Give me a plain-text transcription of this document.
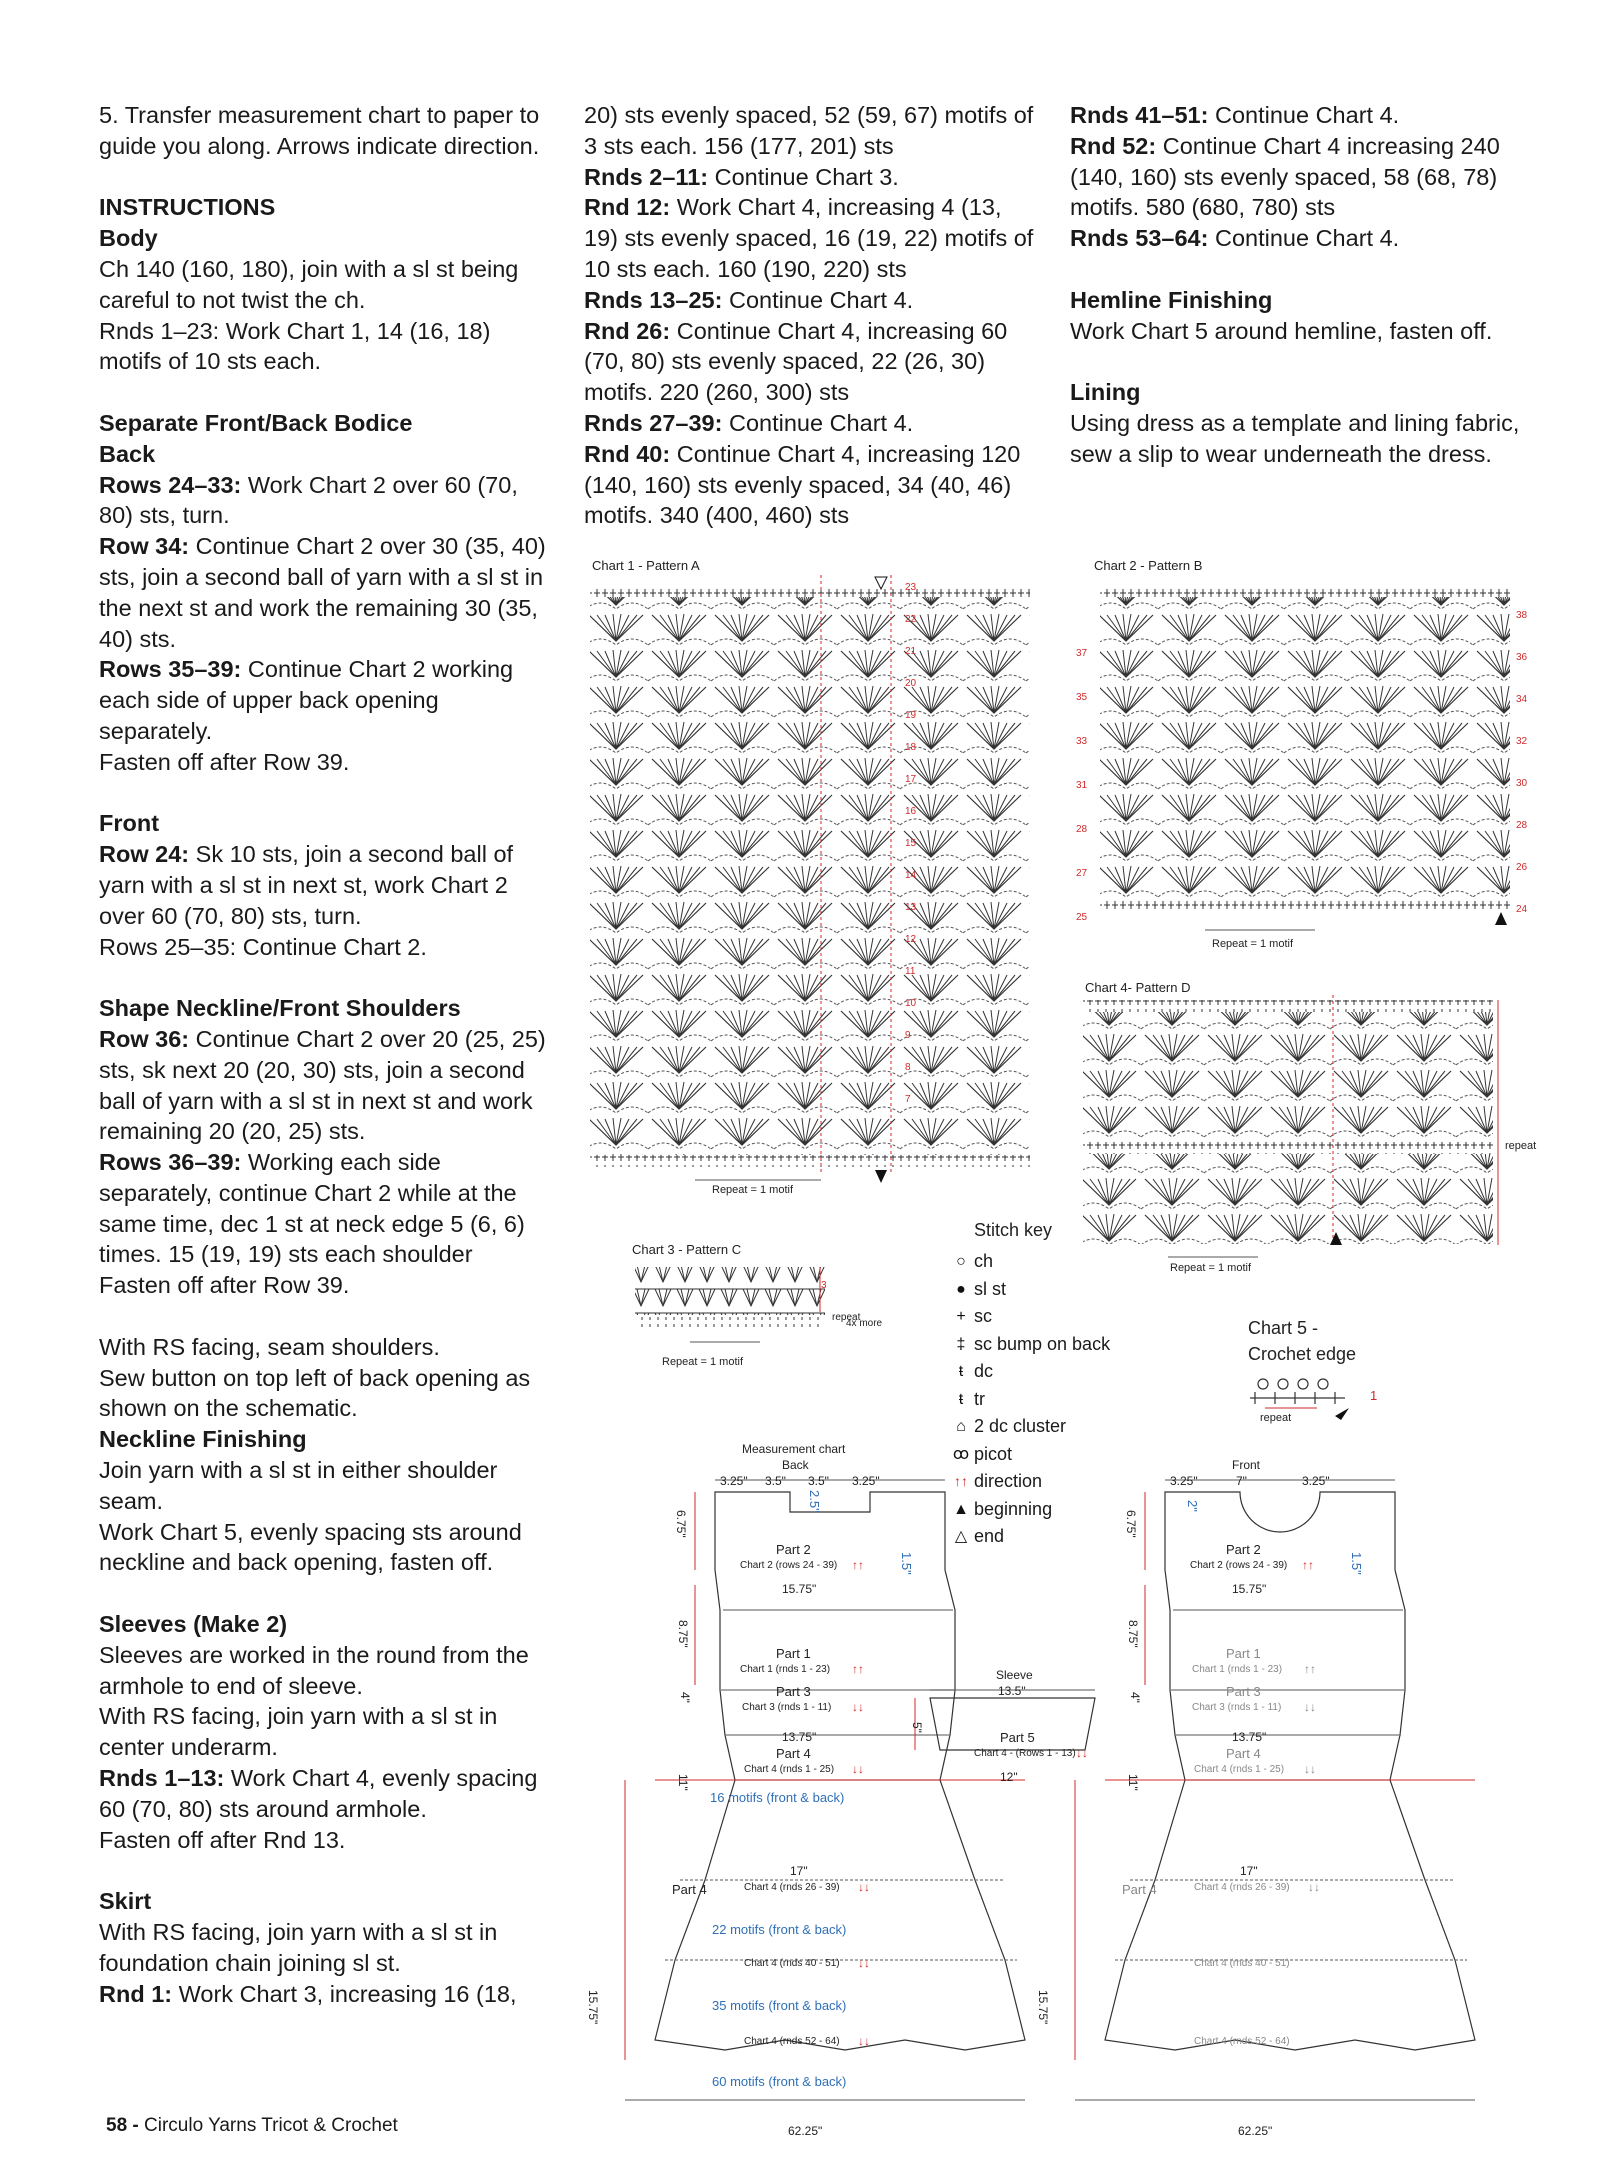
5. Transfer measurement chart to paper to guide you along. Arrows indicate direction.

INSTRUCTIONS

Body

Ch 140 (160, 180), join with a sl st being careful to not twist the ch.

Rnds 1–23: Work Chart 1, 14 (16, 18) motifs of 10 sts each.

Separate Front/Back Bodice

Back

Rows 24–33: Work Chart 2 over 60 (70, 80) sts, turn.

Row 34: Continue Chart 2 over 30 (35, 40) sts, join a second ball of yarn with a sl st in the next st and work the remaining 30 (35, 40) sts.

Rows 35–39: Continue Chart 2 working each side of upper back opening separately.

Fasten off after Row 39.

Front

Row 24: Sk 10 sts, join a second ball of yarn with a sl st in next st, work Chart 2 over 60 (70, 80) sts, turn.

Rows 25–35: Continue Chart 2.

Shape Neckline/Front Shoulders

Row 36: Continue Chart 2 over 20 (25, 25) sts, sk next 20 (20, 30) sts, join a second ball of yarn with a sl st in next st and work remaining 20 (20, 25) sts.

Rows 36–39: Working each side separately, continue Chart 2 while at the same time, dec 1 st at neck edge 5 (6, 6) times. 15 (19, 19) sts each shoulder

Fasten off after Row 39.

With RS facing, seam shoulders.

Sew button on top left of back opening as shown on the schematic.

Neckline Finishing

Join yarn with a sl st in either shoulder seam.

Work Chart 5, evenly spacing sts around neckline and back opening, fasten off.

Sleeves (Make 2)

Sleeves are worked in the round from the armhole to end of sleeve.

With RS facing, join yarn with a sl st in center underarm.

Rnds 1–13: Work Chart 4, evenly spacing 60 (70, 80) sts around armhole.

Fasten off after Rnd 13.

Skirt

With RS facing, join yarn with a sl st in foundation chain joining sl st.

Rnd 1: Work Chart 3, increasing 16 (18,

20) sts evenly spaced, 52 (59, 67) motifs of 3 sts each. 156 (177, 201) sts

Rnds 2–11: Continue Chart 3.

Rnd 12: Work Chart 4, increasing 4 (13, 19) sts evenly spaced, 16 (19, 22) motifs of 10 sts each. 160 (190, 220) sts

Rnds 13–25: Continue Chart 4.

Rnd 26: Continue Chart 4, increasing 60 (70, 80) sts evenly spaced, 22 (26, 30) motifs. 220 (260, 300) sts

Rnds 27–39: Continue Chart 4.

Rnd 40: Continue Chart 4, increasing 120 (140, 160) sts evenly spaced, 34 (40, 46) motifs. 340 (400, 460) sts

Rnds 41–51: Continue Chart 4.

Rnd 52: Continue Chart 4 increasing 240 (140, 160) sts evenly spaced, 58 (68, 78) motifs. 580 (680, 780) sts

Rnds 53–64: Continue Chart 4.

Hemline Finishing

Work Chart 5 around hemline, fasten off.

Lining

Using dress as a template and lining fabric, sew a slip to wear underneath the dress.

Chart 1 - Pattern A
Repeat = 1 motif
23
22
21
20
19
18
17
16
15
14
13
12
11
10
9
8
7
Chart 2 - Pattern B
Repeat = 1 motif
37
35
33
31
28
27
25
38
36
34
32
30
28
26
24
Chart 4- Pattern D
Repeat = 1 motif
repeat
Chart 3 - Pattern C
Repeat = 1 motif
repeat
4x more
3
Stitch key
○ ch
● sl st
+ sc
‡ sc bump on back
ŧ dc
ŧ tr
⌂ 2 dc cluster
ꝏ picot
↑↑ direction
▲ beginning
△ end
Chart 5 -
Crochet edge
repeat
1
Measurement chart
Back
3.25" 3.5" 3.5" 3.25"
2.5"
6.75"
1.5"
Part 2
Chart 2 (rows 24 - 39) ↑↑
15.75"
8.75"
Part 1
Chart 1 (rnds 1 - 23) ↑↑
4"	Part 3
Chart 3 (rnds 1 - 11) ↓↓
13.75"
Part 4
Chart 4 (rnds 1 - 25) ↓↓
11"
16 motifs (front & back)
17"
Part 4	Chart 4 (rnds 26 - 39) ↓↓
22 motifs (front & back)
Chart 4 (rnds 40 - 51) ↓↓
35 motifs (front & back)
Chart 4 (rnds 52 - 64) ↓↓
60 motifs (front & back)
15.75"
62.25"
Sleeve
13.5"
5"
Part 5
Chart 4 - (Rows 1 - 13) ↓↓
12"
Front
3.25"	7"	3.25"
2"
6.75"
1.5"
Part 2
Chart 2 (rows 24 - 39) ↑↑
15.75"
8.75"
Part 1
Chart 1 (rnds 1 - 23) ↑↑
4"	Part 3
Chart 3 (rnds 1 - 11) ↓↓
13.75"
Part 4
Chart 4 (rnds 1 - 25) ↓↓
11"
17"
Part 4	Chart 4 (rnds 26 - 39) ↓↓
Chart 4 (rnds 40 - 51)
Chart 4 (rnds 52 - 64)
15.75"
62.25"
58 - Circulo Yarns Tricot & Crochet
